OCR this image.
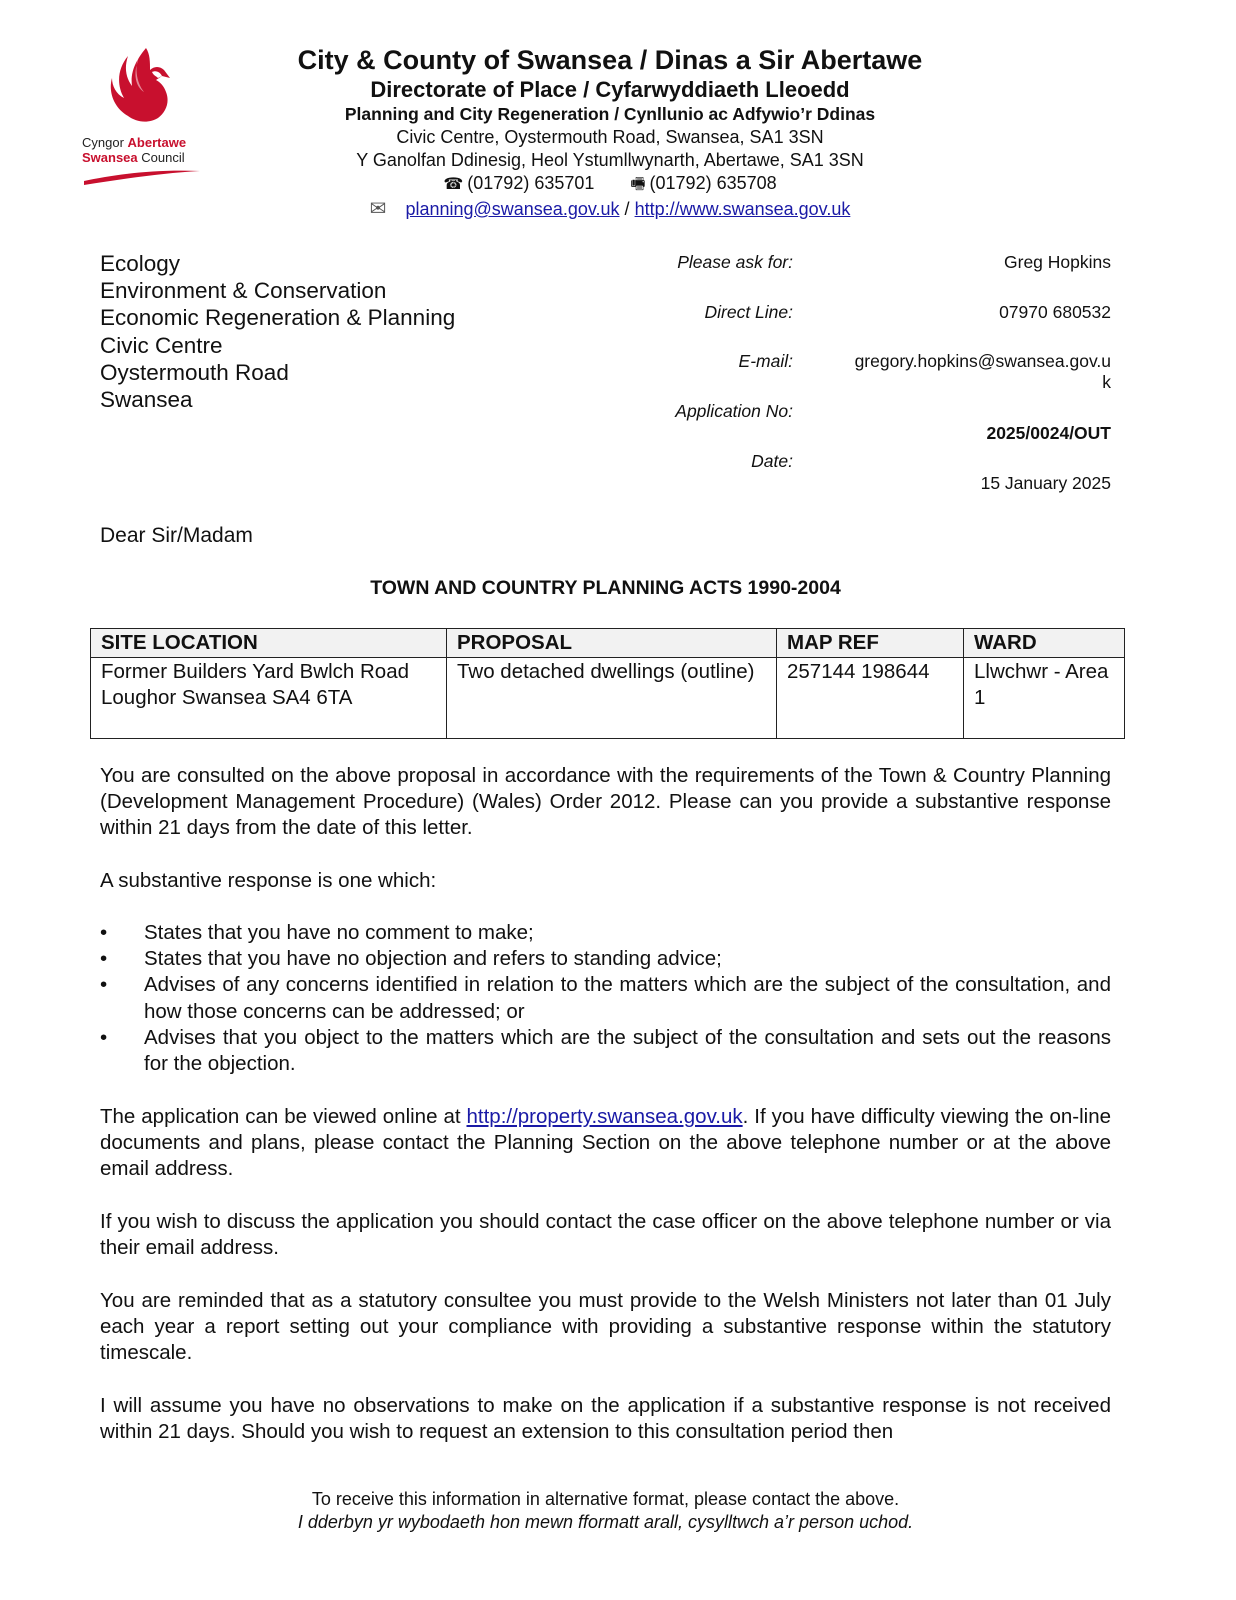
Cyngor Abertawe
Swansea Council
City & County of Swansea / Dinas a Sir Abertawe
Directorate of Place / Cyfarwyddiaeth Lleoedd
Planning and City Regeneration / Cynllunio ac Adfywio’r Ddinas
Civic Centre, Oystermouth Road, Swansea, SA1 3SN
Y Ganolfan Ddinesig, Heol Ystumllwynarth, Abertawe, SA1 3SN
☎ (01792) 635701 🖷 (01792) 635708
✉ planning@swansea.gov.uk / http://www.swansea.gov.uk
Ecology
Environment & Conservation
Economic Regeneration & Planning
Civic Centre
Oystermouth Road
Swansea
Please ask for:	Greg Hopkins
Direct Line:	07970 680532
E-mail:	gregory.hopkins@swansea.gov.u
k
Application No:
2025/0024/OUT
Date:
15 January 2025
Dear Sir/Madam
TOWN AND COUNTRY PLANNING ACTS 1990-2004
SITE LOCATION	PROPOSAL	MAP REF	WARD
Former Builders Yard Bwlch Road Loughor Swansea SA4 6TA	Two detached dwellings (outline)	257144 198644	Llwchwr - Area 1
You are consulted on the above proposal in accordance with the requirements of the Town & Country Planning (Development Management Procedure) (Wales) Order 2012. Please can you provide a substantive response within 21 days from the date of this letter.
A substantive response is one which:
• States that you have no comment to make;
• States that you have no objection and refers to standing advice;
• Advises of any concerns identified in relation to the matters which are the subject of the consultation, and how those concerns can be addressed; or
• Advises that you object to the matters which are the subject of the consultation and sets out the reasons for the objection.
The application can be viewed online at http://property.swansea.gov.uk. If you have difficulty viewing the on-line documents and plans, please contact the Planning Section on the above telephone number or at the above email address.
If you wish to discuss the application you should contact the case officer on the above telephone number or via their email address.
You are reminded that as a statutory consultee you must provide to the Welsh Ministers not later than 01 July each year a report setting out your compliance with providing a substantive response within the statutory timescale.
I will assume you have no observations to make on the application if a substantive response is not received within 21 days. Should you wish to request an extension to this consultation period then
To receive this information in alternative format, please contact the above.
I dderbyn yr wybodaeth hon mewn fformatt arall, cysylltwch a’r person uchod.
